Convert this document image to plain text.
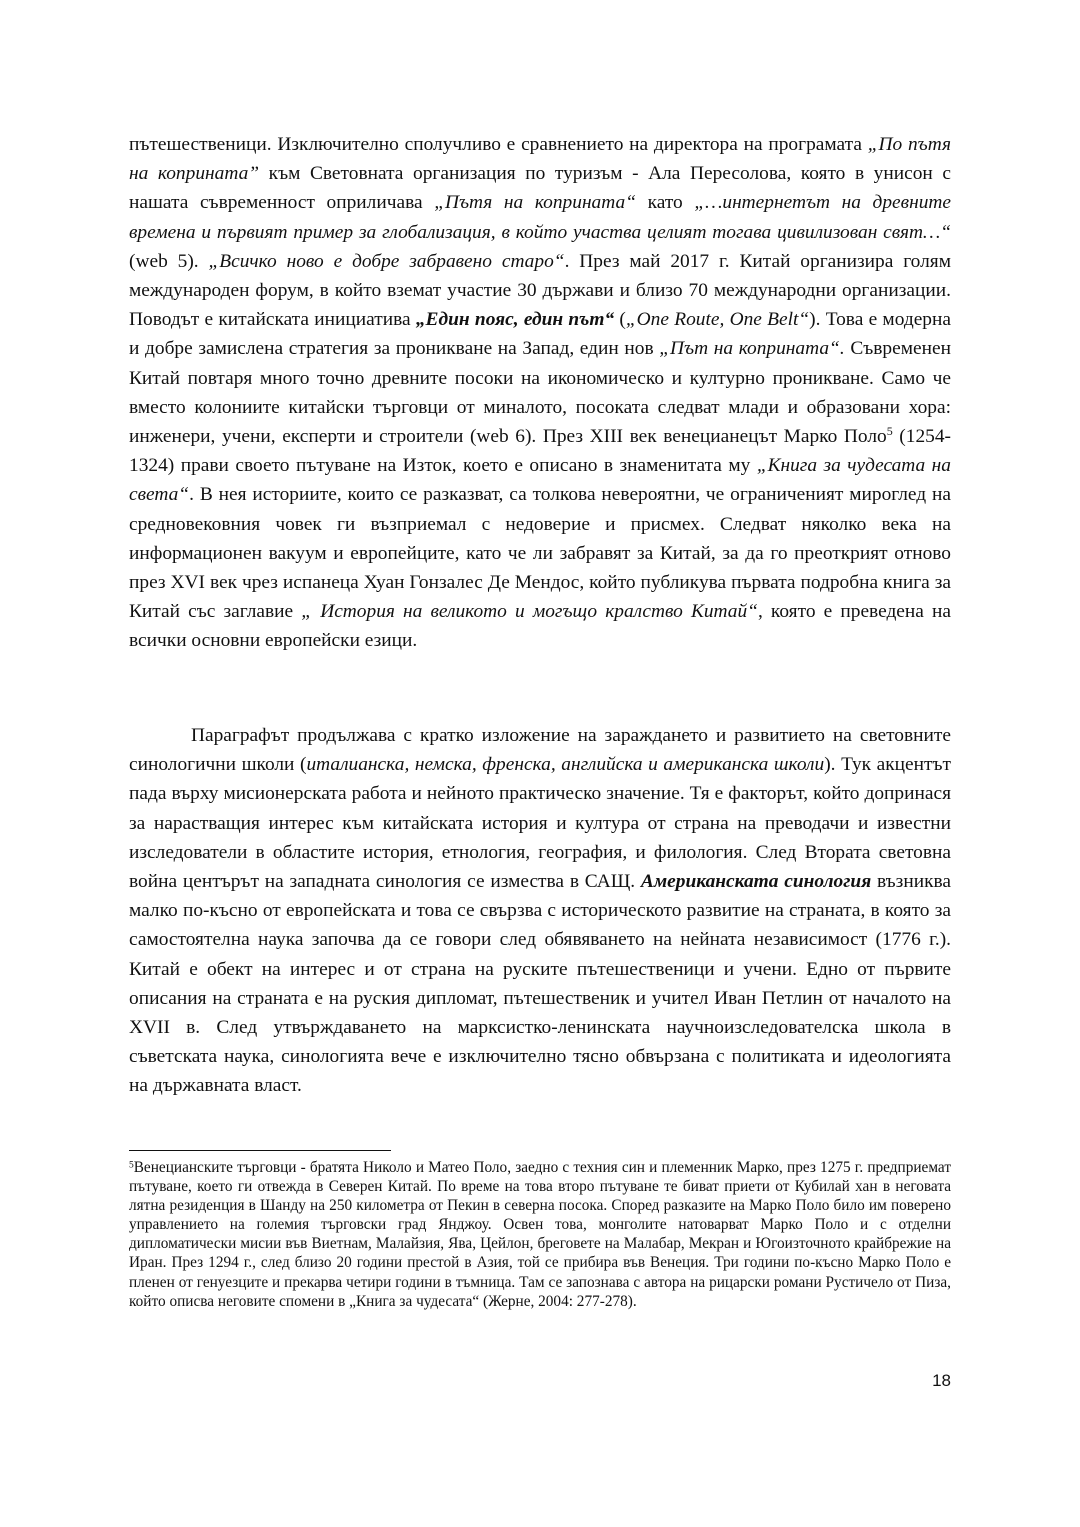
пътешественици. Изключително сполучливо е сравнението на директора на програмата „По пътя на коприната” към Световната организация по туризъм - Ала Пересолова, която в унисон с нашата съвременност оприличава „Пътя на коприната“ като „…интернетът на древните времена и първият пример за глобализация, в който участва целият тогава цивилизован свят…“ (web 5). „Всичко ново е добре забравено старо“. През май 2017 г. Китай организира голям международен форум, в който вземат участие 30 държави и близо 70 международни организации. Поводът е китайската инициатива „Един пояс, един път“ („One Route, One Belt“). Това е модерна и добре замислена стратегия за проникване на Запад, един нов „Път на коприната“. Съвременен Китай повтаря много точно древните посоки на икономическо и културно проникване. Само че вместо колониите китайски търговци от миналото, посоката следват млади и образовани хора: инженери, учени, експерти и строители (web 6). През XIII век венецианецът Марко Поло$^5$ (1254-1324) прави своето пътуване на Изток, което е описано в знаменитата му „Книга за чудесата на света“. В нея историите, които се разказват, са толкова невероятни, че ограниченият мироглед на средновековния човек ги възприемал с недоверие и присмех. Следват няколко века на информационен вакуум и европейците, като че ли забравят за Китай, за да го преоткрият отново през XVI век чрез испанеца Хуан Гонзалес Де Мендос, който публикува първата подробна книга за Китай със заглавие „ История на великото и могъщо кралство Китай“, която е преведена на всички основни европейски езици.

Параграфът продължава с кратко изложение на зараждането и развитието на световните синологични школи (италианска, немска, френска, английска и американска школи). Тук акцентът пада върху мисионерската работа и нейното практическо значение. Тя е факторът, който допринася за нарастващия интерес към китайската история и култура от страна на преводачи и известни изследователи в областите история, етнология, география, и филология. След Втората световна война центърът на западната синология се измества в САЩ. Американската синология възниква малко по-късно от европейската и това се свързва с историческото развитие на страната, в която за самостоятелна наука започва да се говори след обявяването на нейната независимост (1776 г.). Китай е обект на интерес и от страна на руските пътешественици и учени. Едно от първите описания на страната е на руския дипломат, пътешественик и учител Иван Петлин от началото на XVII в. След утвърждаването на марксистко-ленинската научноизследователска школа в съветската наука, синологията вече е изключително тясно обвързана с политиката и идеологията на държавната власт.

$^5$Венецианските търговци - братята Николо и Матео Поло, заедно с техния син и племенник Марко, през 1275 г. предприемат пътуване, което ги отвежда в Северен Китай. По време на това второ пътуване те биват приети от Кубилай хан в неговата лятна резиденция в Шанду на 250 километра от Пекин в северна посока. Според разказите на Марко Поло било им поверено управлението на големия търговски град Янджоу. Освен това, монголите натоварват Марко Поло и с отделни дипломатически мисии във Виетнам, Малайзия, Ява, Цейлон, бреговете на Малабар, Мекран и Югоизточното крайбрежие на Иран. През 1294 г., след близо 20 години престой в Азия, той се прибира във Венеция. Три години по-късно Марко Поло е пленен от генуезците и прекарва четири години в тъмница. Там се запознава с автора на рицарски романи Рустичело от Пиза, който описва неговите спомени в „Книга за чудесата“ (Жерне, 2004: 277-278).

18
